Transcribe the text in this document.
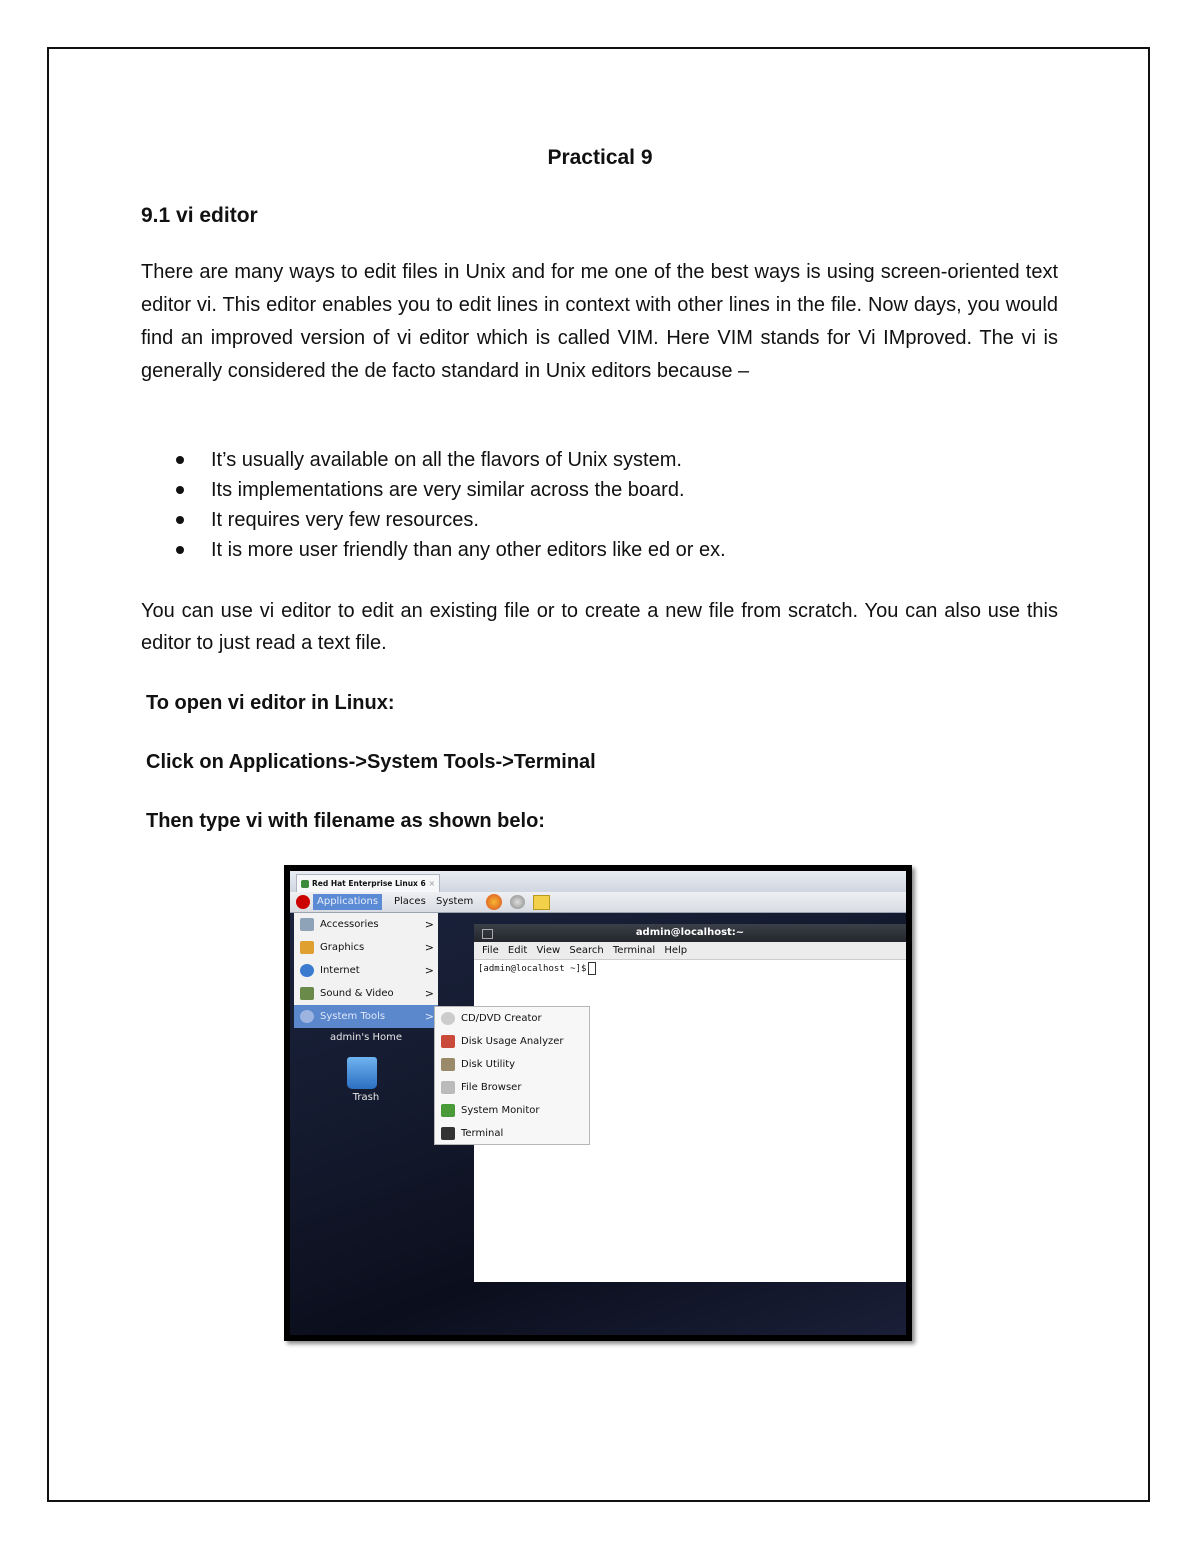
Practical 9
9.1 vi editor

There are many ways to edit files in Unix and for me one of the best ways is using screen-oriented text editor vi. This editor enables you to edit lines in context with other lines in the file. Now days, you would find an improved version of vi editor which is called VIM. Here VIM stands for Vi IMproved. The vi is generally considered the de facto standard in Unix editors because –

It’s usually available on all the flavors of Unix system.
Its implementations are very similar across the board.
It requires very few resources.
It is more user friendly than any other editors like ed or ex.

You can use vi editor to edit an existing file or to create a new file from scratch. You can also use this editor to just read a text file.

To open vi editor in Linux:
Click on Applications->System Tools->Terminal
Then type vi with filename as shown belo:
Red Hat Enterprise Linux 6 ×
Applications	Places System
admin's Home
Trash
admin@localhost:~
File Edit View Search Terminal Help
[admin@localhost ~]$
Accessories	>
Graphics	>
Internet	>
Sound & Video	>
System Tools	>	CD/DVD Creator
Disk Usage Analyzer
Disk Utility
File Browser
System Monitor
Terminal
